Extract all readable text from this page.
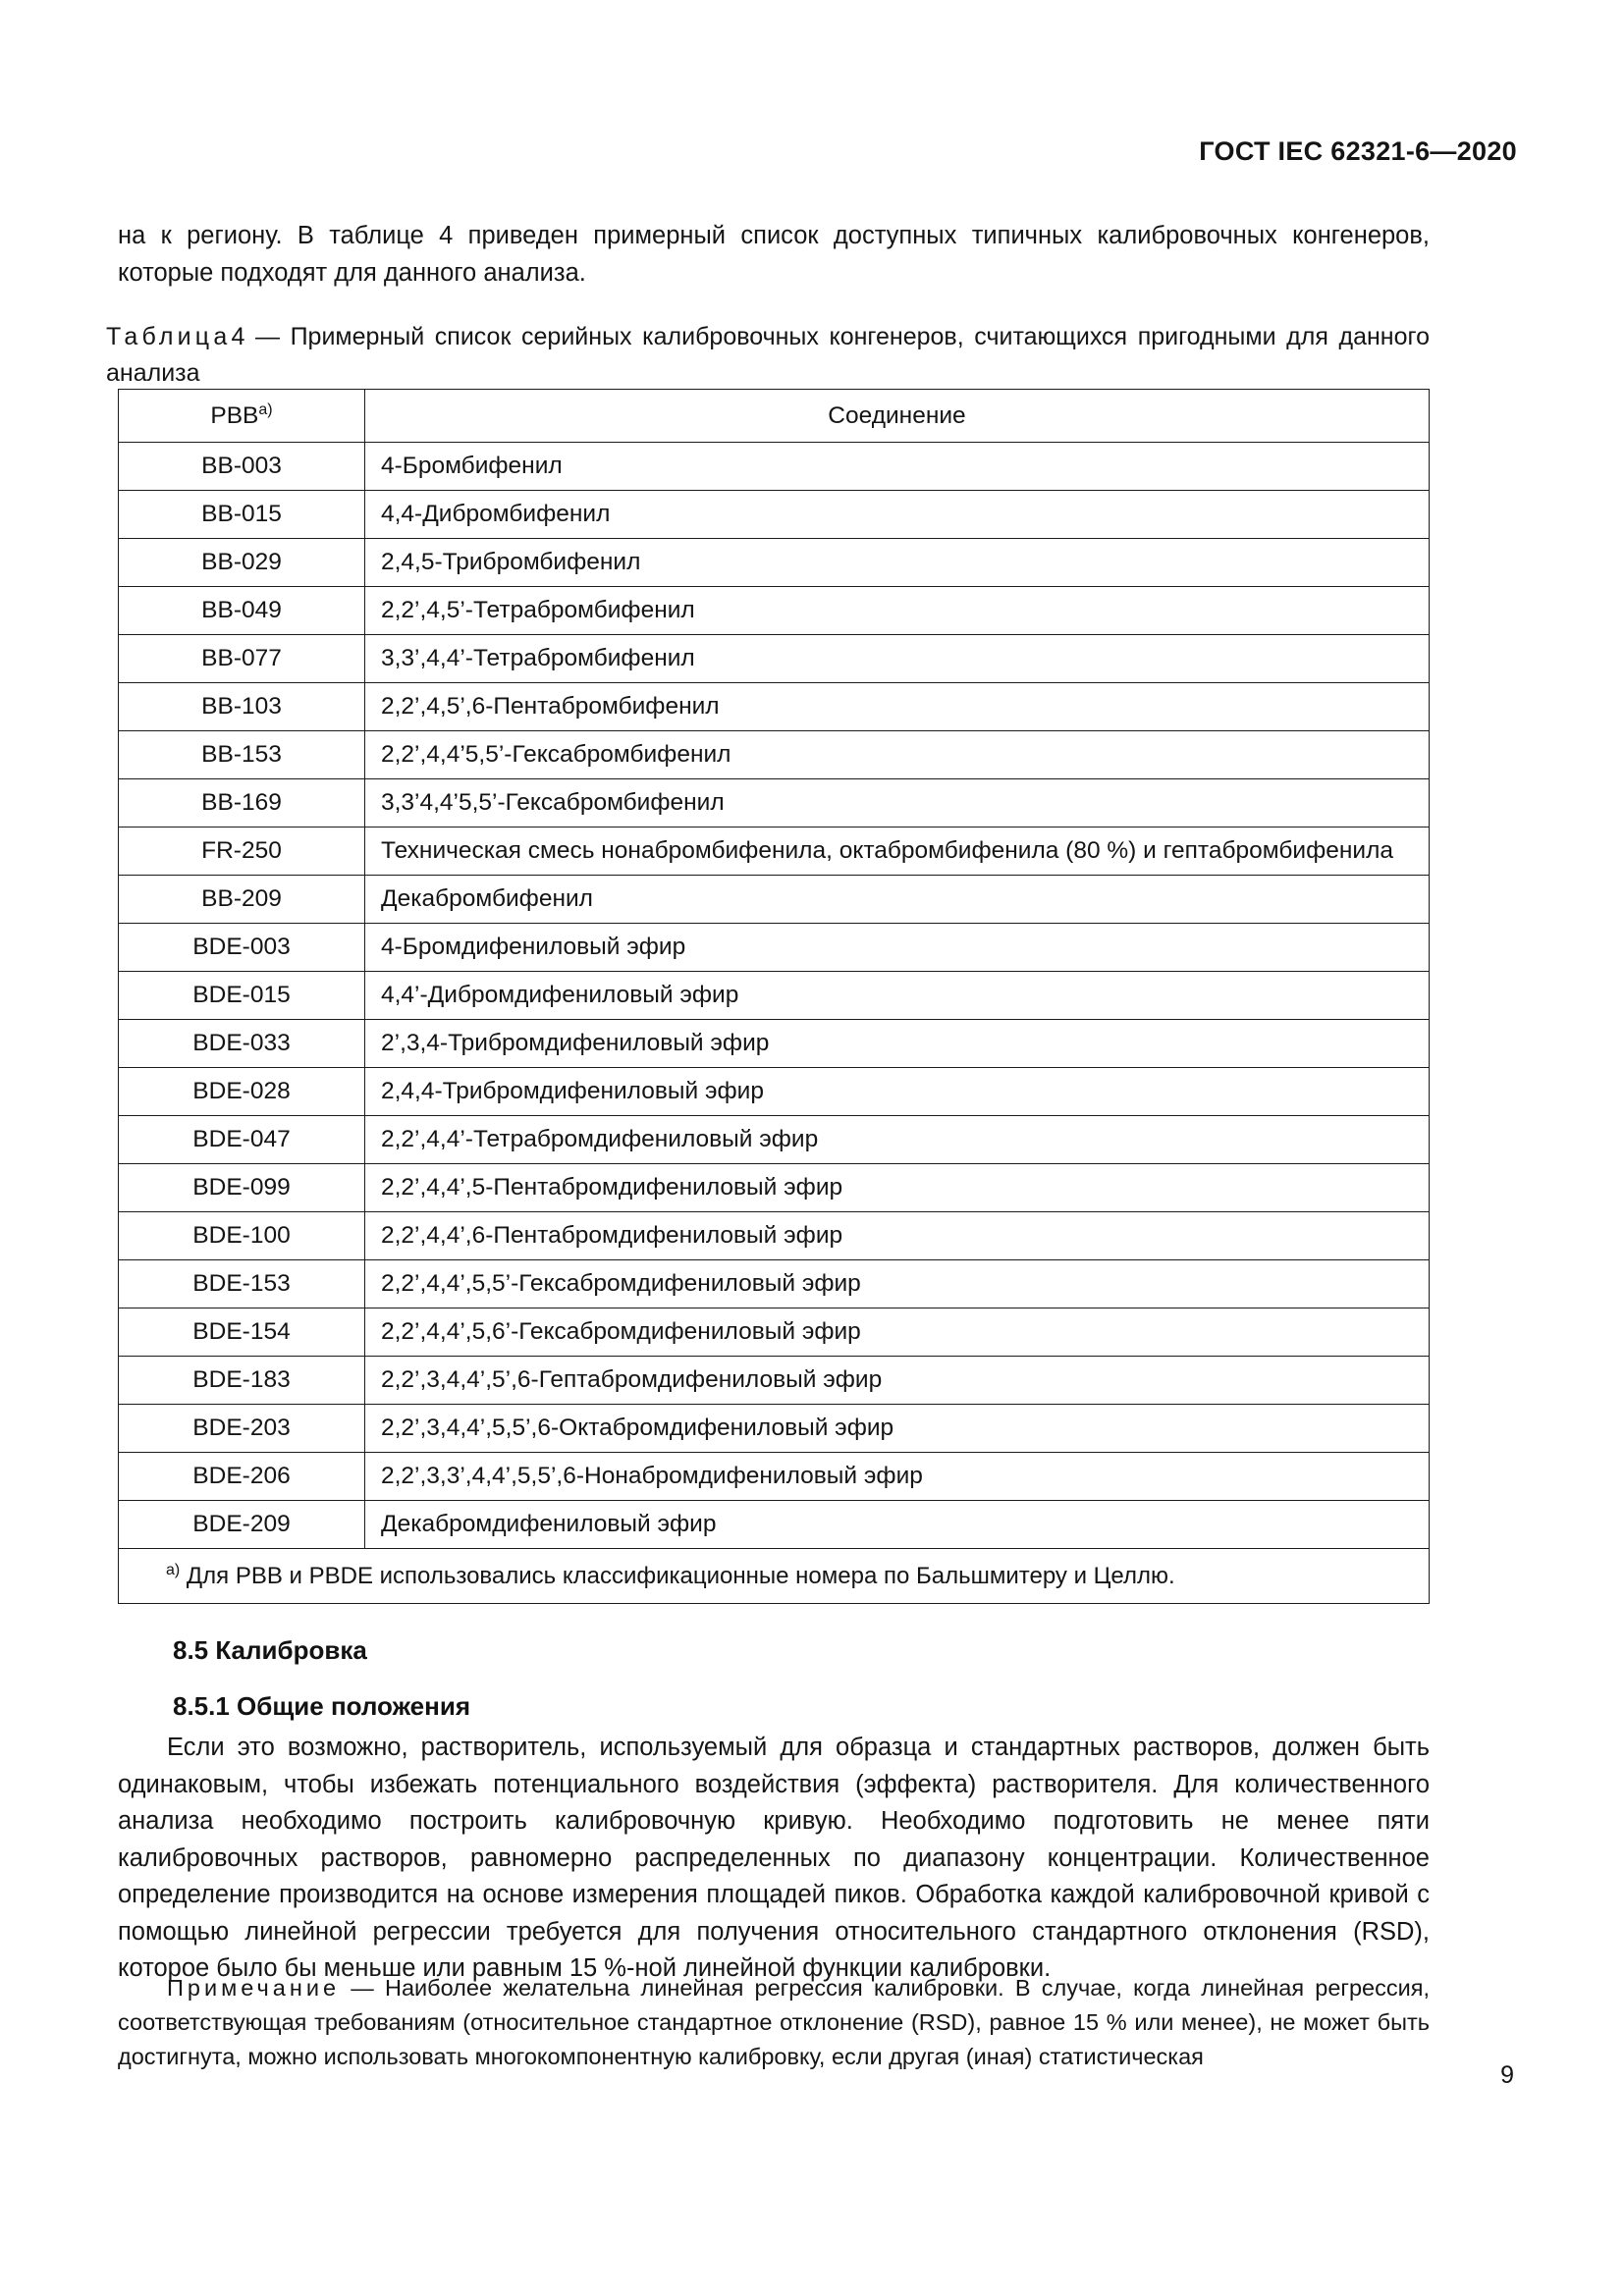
ГОСТ IEC 62321-6—2020

на к региону. В таблице 4 приведен примерный список доступных типичных калибровочных конгенеров, которые подходят для данного анализа.

Таблица4 — Примерный список серийных калибровочных конгенеров, считающихся пригодными для данного анализа
PBB$^{a)}$	Соединение
BB-003	4-Бромбифенил
BB-015	4,4-Дибромбифенил
BB-029	2,4,5-Трибромбифенил
BB-049	2,2’,4,5’-Тетрабромбифенил
BB-077	3,3’,4,4’-Тетрабромбифенил
BB-103	2,2’,4,5’,6-Пентабромбифенил
BB-153	2,2’,4,4’5,5’-Гексабромбифенил
BB-169	3,3’4,4’5,5’-Гексабромбифенил
FR-250	Техническая смесь нонабромбифенила, октабромбифенила (80 %) и гептабромбифенила
BB-209	Декабромбифенил
BDE-003	4-Бромдифениловый эфир
BDE-015	4,4’-Дибромдифениловый эфир
BDE-033	2’,3,4-Трибромдифениловый эфир
BDE-028	2,4,4-Трибромдифениловый эфир
BDE-047	2,2’,4,4’-Тетрабромдифениловый эфир
BDE-099	2,2’,4,4’,5-Пентабромдифениловый эфир
BDE-100	2,2’,4,4’,6-Пентабромдифениловый эфир
BDE-153	2,2’,4,4’,5,5’-Гексабромдифениловый эфир
BDE-154	2,2’,4,4’,5,6’-Гексабромдифениловый эфир
BDE-183	2,2’,3,4,4’,5’,6-Гептабромдифениловый эфир
BDE-203	2,2’,3,4,4’,5,5’,6-Октабромдифениловый эфир
BDE-206	2,2’,3,3’,4,4’,5,5’,6-Нонабромдифениловый эфир
BDE-209	Декабромдифениловый эфир
$^{a)}$ Для PBB и PBDE использовались классификационные номера по Бальшмитеру и Целлю.	
8.5 Калибровка
8.5.1 Общие положения

Если это возможно, растворитель, используемый для образца и стандартных растворов, должен быть одинаковым, чтобы избежать потенциального воздействия (эффекта) растворителя. Для количественного анализа необходимо построить калибровочную кривую. Необходимо подготовить не менее пяти калибровочных растворов, равномерно распределенных по диапазону концентрации. Количественное определение производится на основе измерения площадей пиков. Обработка каждой калибровочной кривой с помощью линейной регрессии требуется для получения относительного стандартного отклонения (RSD), которое было бы меньше или равным 15 %-ной линейной функции калибровки.

Примечание — Наиболее желательна линейная регрессия калибровки. В случае, когда линейная регрессия, соответствующая требованиям (относительное стандартное отклонение (RSD), равное 15 % или менее), не может быть достигнута, можно использовать многокомпонентную калибровку, если другая (иная) статистическая
9
